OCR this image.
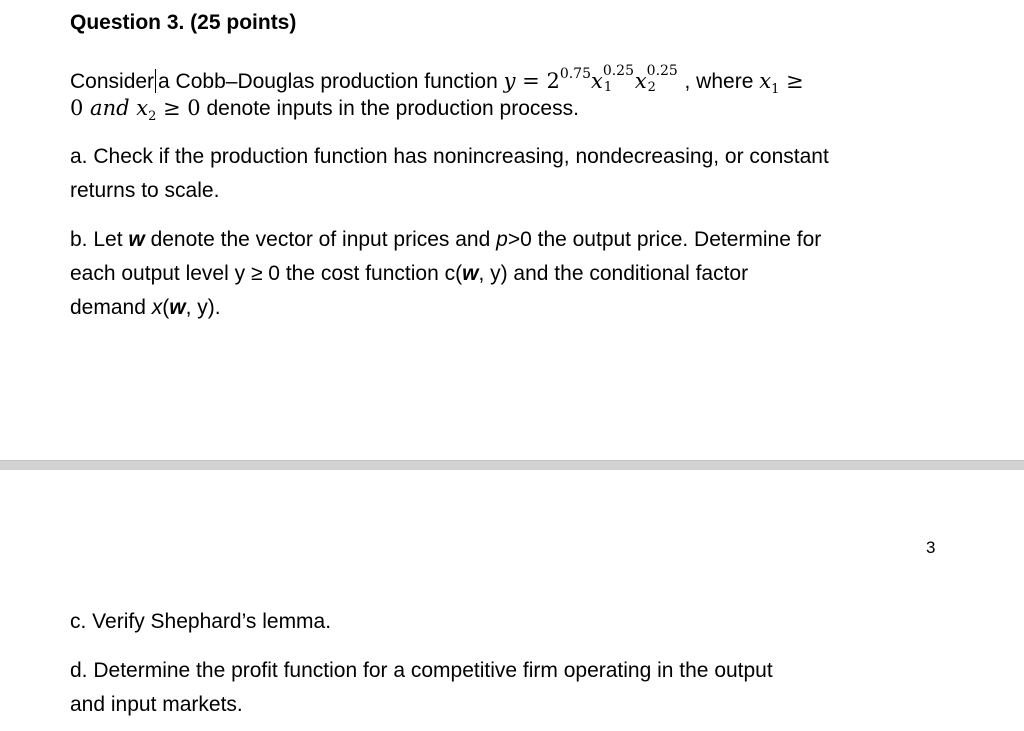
Question 3. (25 points)
Consider a Cobb–Douglas production function $y = 2^{0.75}x$ 0.25
1 x 0.25
2 , where $x_1$ ≥
0 and $x_2 \ge 0$ denote inputs in the production process.
a. Check if the production function has nonincreasing, nondecreasing, or constant
returns to scale.
b. Let w denote the vector of input prices and p>0 the output price. Determine for
each output level y ≥ 0 the cost function c(w, y) and the conditional factor
demand x(w, y).
3
c. Verify Shephard’s lemma.
d. Determine the profit function for a competitive firm operating in the output
and input markets.
